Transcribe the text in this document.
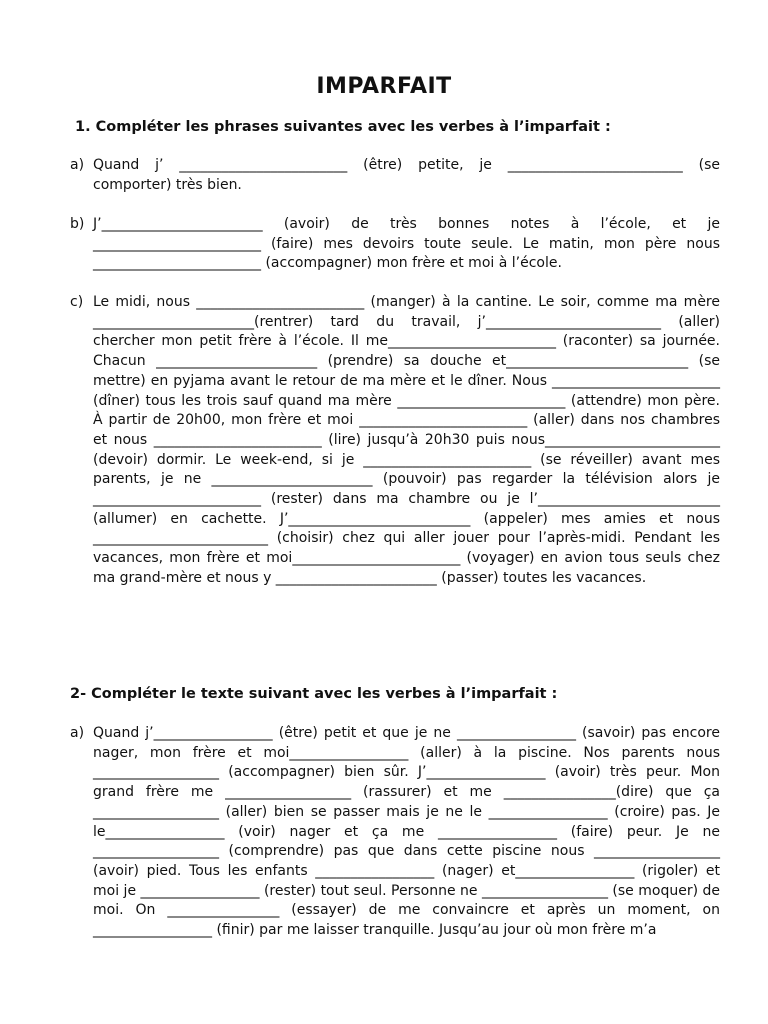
IMPARFAIT
1. Compléter les phrases suivantes avec les verbes à l’imparfait :
a) Quand j’ ________________________ (être) petite, je _________________________ (se comporter) très bien.

b) J’_______________________ (avoir) de très bonnes notes à l’école, et je ________________________ (faire) mes devoirs toute seule. Le matin, mon père nous ________________________ (accompagner) mon frère et moi à l’école.

c) Le midi, nous ________________________ (manger) à la cantine. Le soir, comme ma mère _______________________(rentrer) tard du travail, j’_________________________ (aller) chercher mon petit frère à l’école. Il me________________________ (raconter) sa journée. Chacun _______________________ (prendre) sa douche et__________________________ (se mettre) en pyjama avant le retour de ma mère et le dîner. Nous ________________________ (dîner) tous les trois sauf quand ma mère ________________________ (attendre) mon père. À partir de 20h00, mon frère et moi ________________________ (aller) dans nos chambres et nous ________________________ (lire) jusqu’à 20h30 puis nous_________________________ (devoir) dormir. Le week-end, si je ________________________ (se réveiller) avant mes parents, je ne _______________________ (pouvoir) pas regarder la télévision alors je ________________________ (rester) dans ma chambre ou je l’__________________________ (allumer) en cachette. J’__________________________ (appeler) mes amies et nous _________________________ (choisir) chez qui aller jouer pour l’après-midi. Pendant les vacances, mon frère et moi________________________ (voyager) en avion tous seuls chez ma grand-mère et nous y _______________________ (passer) toutes les vacances.

2- Compléter le texte suivant avec les verbes à l’imparfait :
a) Quand j’_________________ (être) petit et que je ne _________________ (savoir) pas encore nager, mon frère et moi_________________ (aller) à la piscine. Nos parents nous __________________ (accompagner) bien sûr. J’_________________ (avoir) très peur. Mon grand frère me __________________ (rassurer) et me ________________(dire) que ça __________________ (aller) bien se passer mais je ne le _________________ (croire) pas. Je le_________________ (voir) nager et ça me _________________ (faire) peur. Je ne __________________ (comprendre) pas que dans cette piscine nous __________________ (avoir) pied. Tous les enfants _________________ (nager) et_________________ (rigoler) et moi je _________________ (rester) tout seul. Personne ne __________________ (se moquer) de moi. On ________________ (essayer) de me convaincre et après un moment, on _________________ (finir) par me laisser tranquille. Jusqu’au jour où mon frère m’a
